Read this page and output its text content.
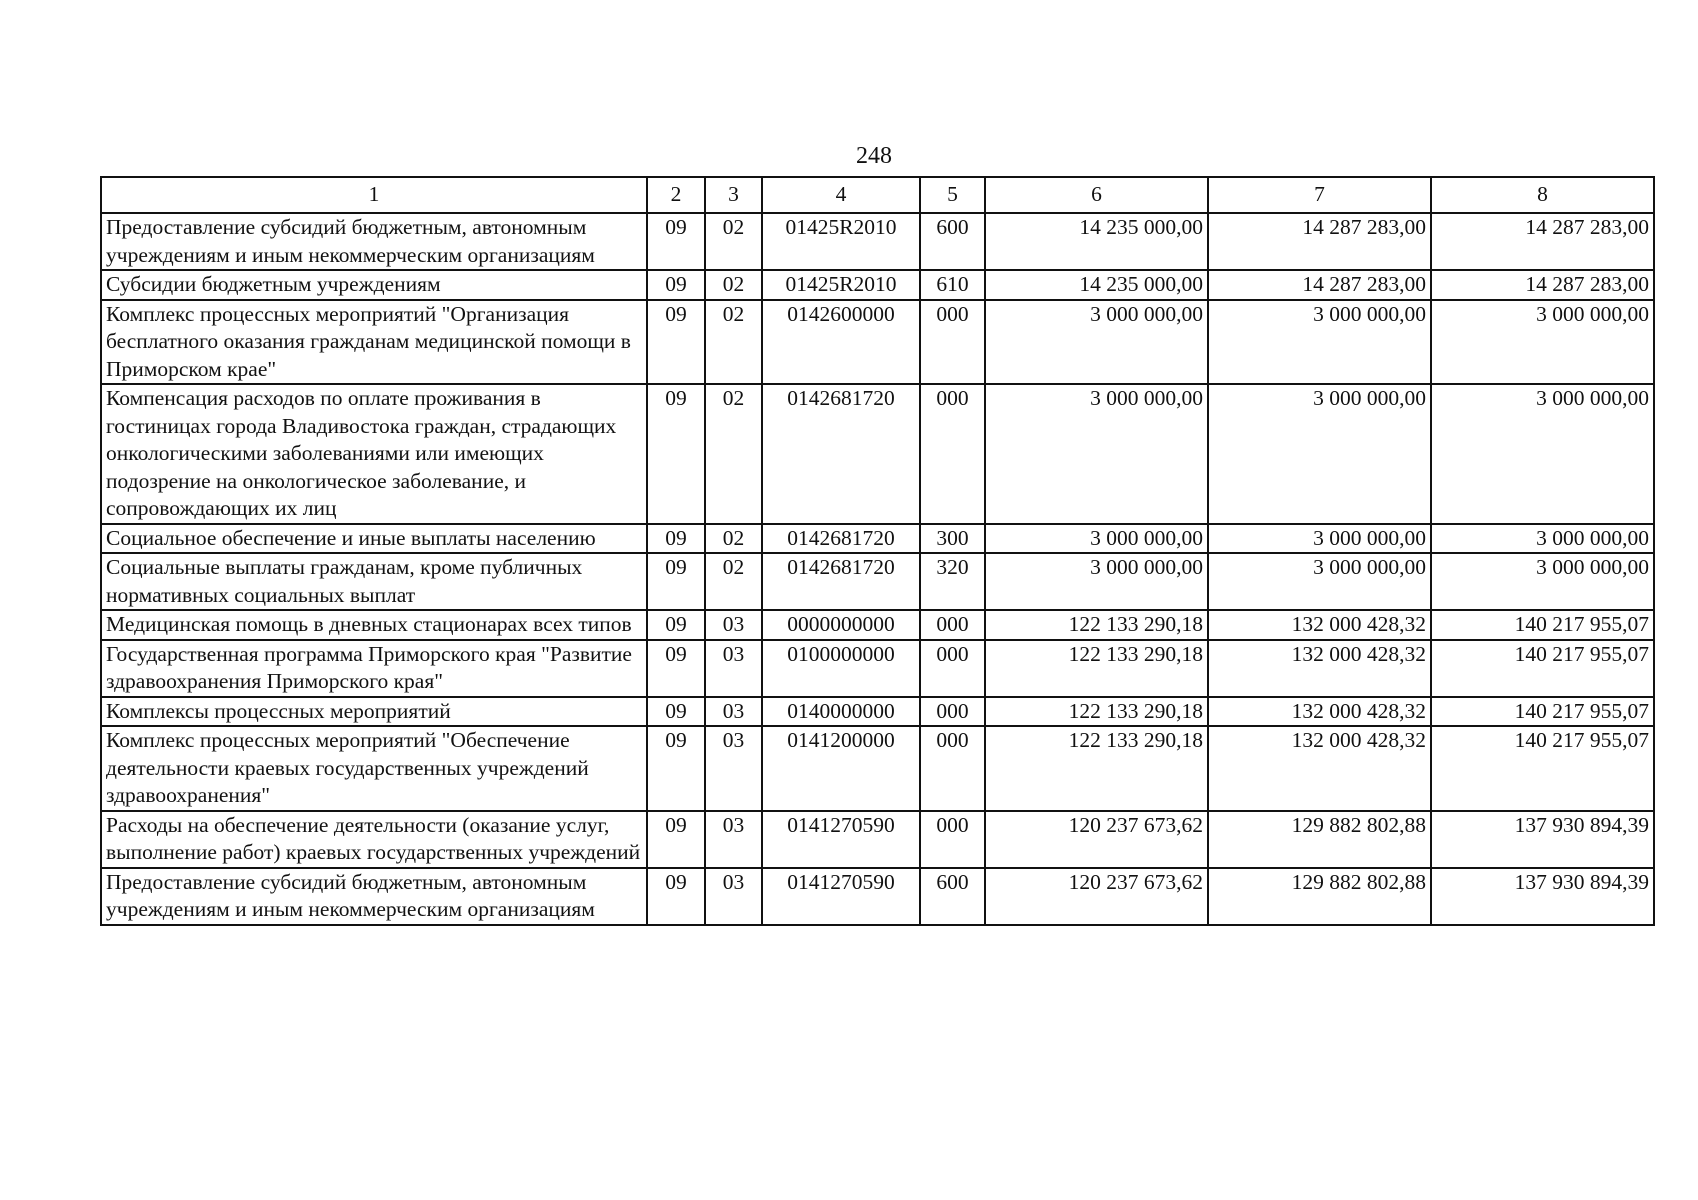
248
1	2	3	4	5	6	7	8
Предоставление субсидий бюджетным, автономным учреждениям и иным некоммерческим организациям	09	02	01425R2010	600	14 235 000,00	14 287 283,00	14 287 283,00
Субсидии бюджетным учреждениям	09	02	01425R2010	610	14 235 000,00	14 287 283,00	14 287 283,00
Комплекс процессных мероприятий "Организация бесплатного оказания гражданам медицинской помощи в Приморском крае"	09	02	0142600000	000	3 000 000,00	3 000 000,00	3 000 000,00
Компенсация расходов по оплате проживания в гостиницах города Владивостока граждан, страдающих онкологическими заболеваниями или имеющих подозрение на онкологическое заболевание, и сопровождающих их лиц	09	02	0142681720	000	3 000 000,00	3 000 000,00	3 000 000,00
Социальное обеспечение и иные выплаты населению	09	02	0142681720	300	3 000 000,00	3 000 000,00	3 000 000,00
Социальные выплаты гражданам, кроме публичных нормативных социальных выплат	09	02	0142681720	320	3 000 000,00	3 000 000,00	3 000 000,00
Медицинская помощь в дневных стационарах всех типов	09	03	0000000000	000	122 133 290,18	132 000 428,32	140 217 955,07
Государственная программа Приморского края "Развитие здравоохранения Приморского края"	09	03	0100000000	000	122 133 290,18	132 000 428,32	140 217 955,07
Комплексы процессных мероприятий	09	03	0140000000	000	122 133 290,18	132 000 428,32	140 217 955,07
Комплекс процессных мероприятий "Обеспечение деятельности краевых государственных учреждений здравоохранения"	09	03	0141200000	000	122 133 290,18	132 000 428,32	140 217 955,07
Расходы на обеспечение деятельности (оказание услуг, выполнение работ) краевых государственных учреждений	09	03	0141270590	000	120 237 673,62	129 882 802,88	137 930 894,39
Предоставление субсидий бюджетным, автономным учреждениям и иным некоммерческим организациям	09	03	0141270590	600	120 237 673,62	129 882 802,88	137 930 894,39
